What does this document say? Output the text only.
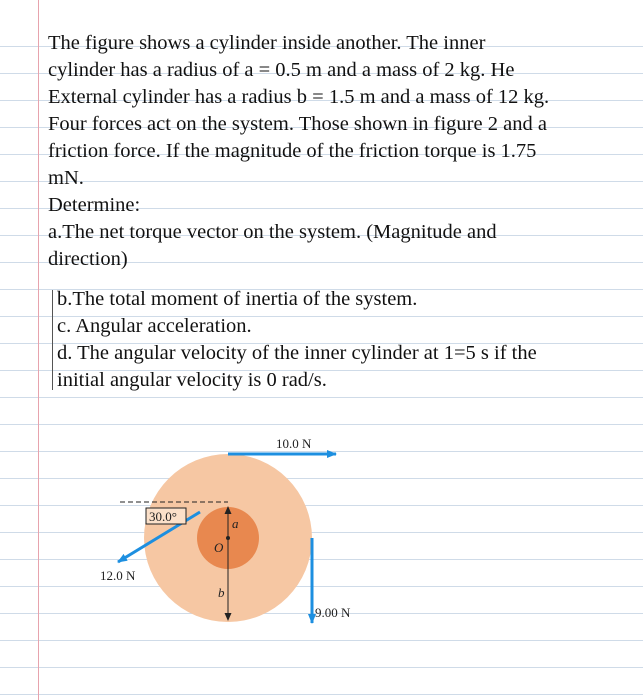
The figure shows a cylinder inside another. The inner
cylinder has a radius of a = 0.5 m and a mass of 2 kg. He
External cylinder has a radius b = 1.5 m and a mass of 12 kg.
Four forces act on the system. Those shown in figure 2 and a
friction force. If the magnitude of the friction torque is 1.75
mN.
Determine:
a.The net torque vector on the system. (Magnitude and
direction)
b.The total moment of inertia of the system.
c. Angular acceleration.
d. The angular velocity of the inner cylinder at 1=5 s if the
initial angular velocity is 0 rad/s.
30.0°
10.0 N
12.0 N
9.00 N
a
O
b
